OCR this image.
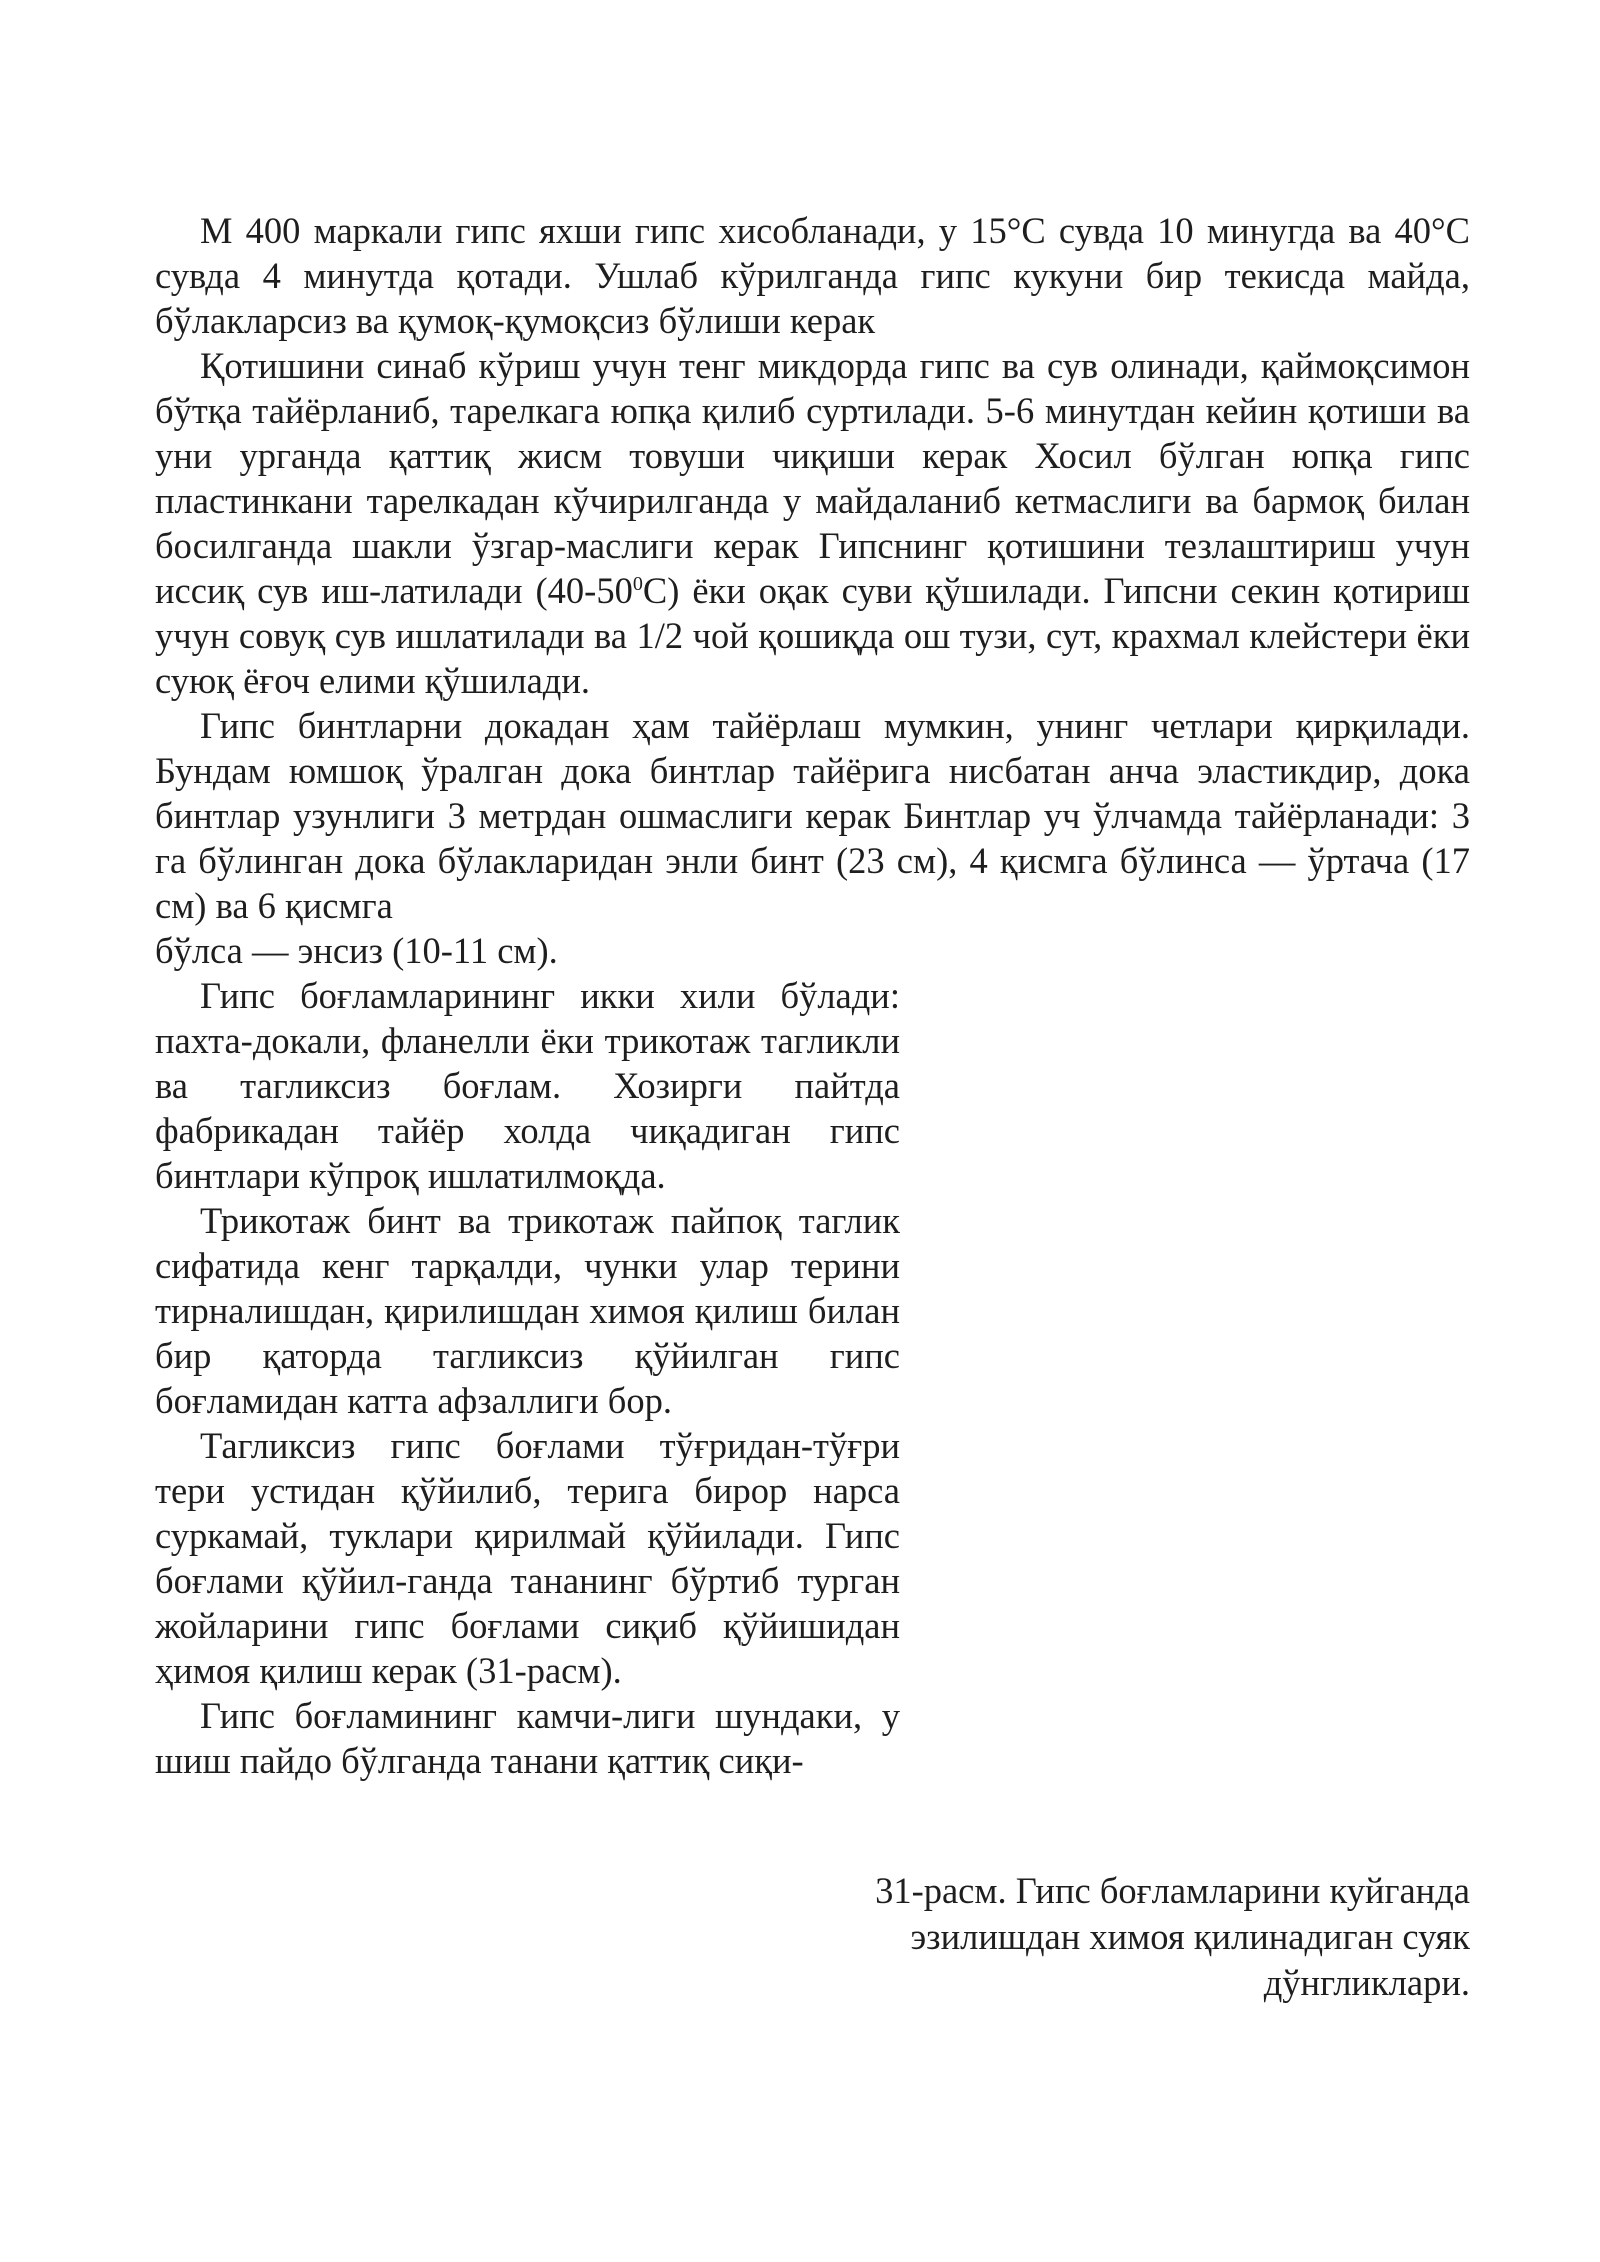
М 400 маркали гипс яхши гипс хисобланади, у 15°С сувда 10 минугда ва 40°С сувда 4 минутда қотади. Ушлаб кўрилганда гипс кукуни бир текисда майда, бўлакларсиз ва қумоқ-қумоқсиз бўлиши керак

Қотишини синаб кўриш учун тенг микдорда гипс ва сув олинади, қаймоқсимон бўтқа тайёрланиб, тарелкага юпқа қилиб суртилади. 5-6 минутдан кейин қотиши ва уни урганда қаттиқ жисм товуши чиқиши керак Хосил бўлган юпқа гипс пластинкани тарелкадан кўчирилганда у майдаланиб кетмаслиги ва бармоқ билан босилганда шакли ўзгар-маслиги керак Гипснинг қотишини тезлаштириш учун иссиқ сув иш-латилади $(40-50^0С)$ ёки оқак суви қўшилади. Гипсни секин қотириш учун совуқ сув ишлатилади ва 1/2 чой қошиқда ош тузи, сут, крахмал клейстери ёки суюқ ёғоч елими қўшилади.

Гипс бинтларни докадан ҳам тайёрлаш мумкин, унинг четлари қирқилади. Бундам юмшоқ ўралган дока бинтлар тайёрига нисбатан анча эластикдир, дока бинтлар узунлиги 3 метрдан ошмаслиги керак Бинтлар уч ўлчамда тайёрланади: 3 га бўлинган дока бўлакларидан энли бинт (23 см), 4 қисмга бўлинса — ўртача (17 см) ва 6 қисмга

бўлса — энсиз (10-11 см).

Гипс боғламларининг икки хили бўлади: пахта-докали, фланелли ёки трикотаж тагликли ва тагликсиз боғлам. Хозирги пайтда фабрикадан тайёр холда чиқадиган гипс бинтлари кўпроқ ишлатилмоқда.

Трикотаж бинт ва трикотаж пайпоқ таглик сифатида кенг тарқалди, чунки улар терини тирналишдан, қирилишдан химоя қилиш билан бир қаторда тагликсиз қўйилган гипс боғламидан катта афзаллиги бор.

Тагликсиз гипс боғлами тўғридан-тўғри тери устидан қўйилиб, терига бирор нарса суркамай, туклари қирилмай қўйилади. Гипс боғлами қўйил-ганда тананинг бўртиб турган жойларини гипс боғлами сиқиб қўйишидан ҳимоя қилиш керак (31-расм).

Гипс боғламининг камчи-лиги шундаки, у шиш пайдо бўлганда танани қаттиқ сиқи-

31-расм. Гипс боғламларини куйганда
эзилишдан химоя қилинадиган суяк
дўнгликлари.
